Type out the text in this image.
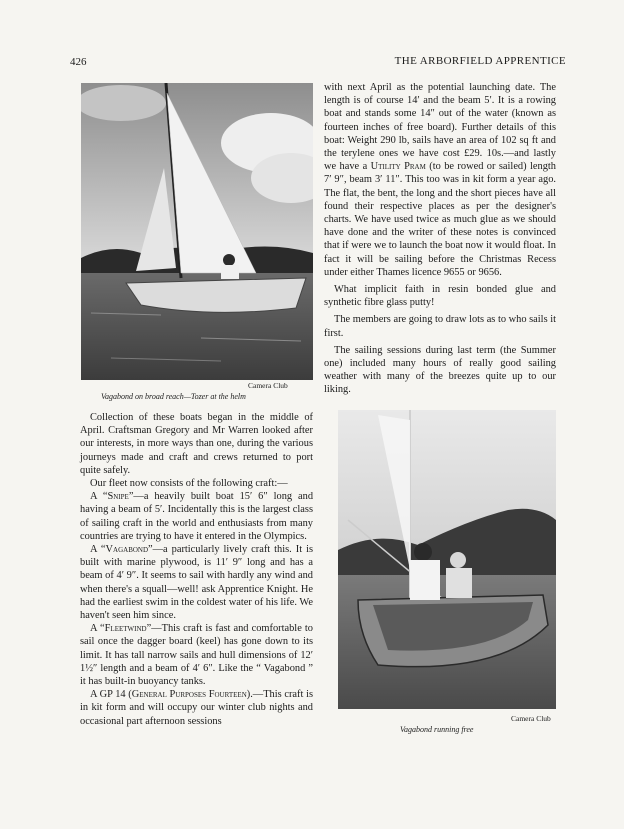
426	THE ARBORFIELD APPRENTICE
Camera Club
Vagabond on broad reach—Tozer at the helm
Camera Club
Vagabond running free

with next April as the potential launching date. The length is of course 14′ and the beam 5′. It is a rowing boat and stands some 14″ out of the water (known as fourteen inches of free board). Further details of this boat: Weight 290 lb, sails have an area of 102 sq ft and the terylene ones we have cost £29. 10s.—and lastly we have a Utility Pram (to be rowed or sailed) length 7′ 9″, beam 3′ 11″. This too was in kit form a year ago. The flat, the bent, the long and the short pieces have all found their respective places as per the designer's charts. We have used twice as much glue as we should have done and the writer of these notes is convinced that if were we to launch the boat now it would float. In fact it will be sailing before the Christmas Recess under either Thames licence 9655 or 9656.

What implicit faith in resin bonded glue and synthetic fibre glass putty!

The members are going to draw lots as to who sails it first.

The sailing sessions during last term (the Summer one) included many hours of really good sailing weather with many of the breezes quite up to our liking.

Collection of these boats began in the middle of April. Craftsman Gregory and Mr Warren looked after our interests, in more ways than one, during the various journeys made and craft and crews returned to port quite safely.

Our fleet now consists of the following craft:—

A “Snipe”—a heavily built boat 15′ 6″ long and having a beam of 5′. Incidentally this is the largest class of sailing craft in the world and enthusiasts from many countries are trying to have it entered in the Olympics.

A “Vagabond”—a particularly lively craft this. It is built with marine plywood, is 11′ 9″ long and has a beam of 4′ 9″. It seems to sail with hardly any wind and when there's a squall—well! ask Apprentice Knight. He had the earliest swim in the coldest water of his life. We haven't seen him since.

A “Fleetwind”—This craft is fast and comfortable to sail once the dagger board (keel) has gone down to its limit. It has tall narrow sails and hull dimensions of 12′ 1½″ length and a beam of 4′ 6″. Like the “ Vagabond ” it has built-in buoyancy tanks.

A GP 14 (General Purposes Fourteen).—This craft is in kit form and will occupy our winter club nights and occasional part afternoon sessions
